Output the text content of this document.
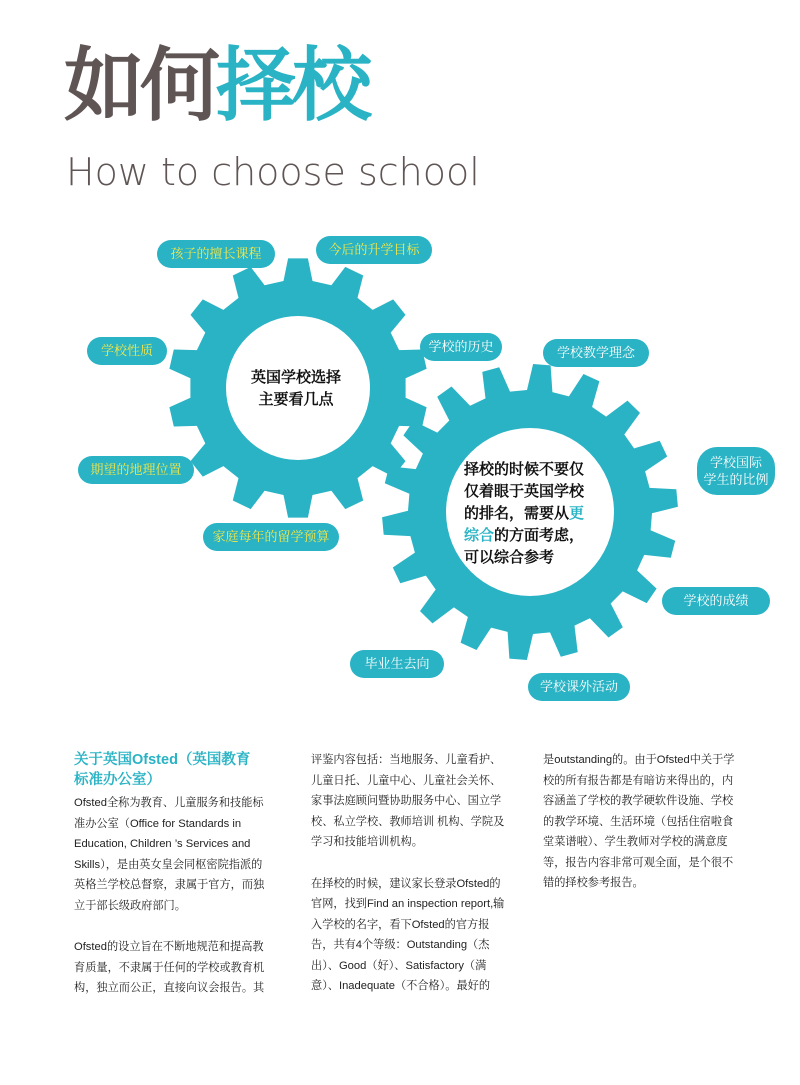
如何择校
How to choose school
英国学校选择
主要看几点
择校的时候不要仅
仅着眼于英国学校
的排名，需要从更
综合的方面考虑，
可以综合参考
孩子的擅长课程	今后的升学目标
学校性质	学校的历史
期望的地理位置
家庭每年的留学预算
学校教学理念
学校国际
学生的比例
学校的成绩
毕业生去向
学校课外活动
关于英国Ofsted（英国教育
标准办公室）

Ofsted全称为教育、儿童服务和技能标准办公室（Office for Standards in Education, Children ’s Services and Skills），是由英女皇会同枢密院指派的英格兰学校总督察，隶属于官方，而独立于部长级政府部门。

Ofsted的设立旨在不断地规范和提高教育质量，不隶属于任何的学校或教育机构，独立而公正，直接向议会报告。其

评鉴内容包括：当地服务、儿童看护、儿童日托、儿童中心、儿童社会关怀、家事法庭顾问暨协助服务中心、国立学校、私立学校、教师培训 机构、学院及学习和技能培训机构。

在择校的时候，建议家长登录Ofsted的官网，找到Find an inspection report,输入学校的名字，看下Ofsted的官方报告，共有4个等级：Outstanding（杰出）、Good（好）、Satisfactory（满意）、Inadequate（不合格）。最好的

是outstanding的。由于Ofsted中关于学校的所有报告都是有暗访来得出的，内容涵盖了学校的教学硬软件设施、学校的教学环境、生活环境（包括住宿啦食堂菜谱啦）、学生教师对学校的满意度等，报告内容非常可观全面，是个很不错的择校参考报告。
